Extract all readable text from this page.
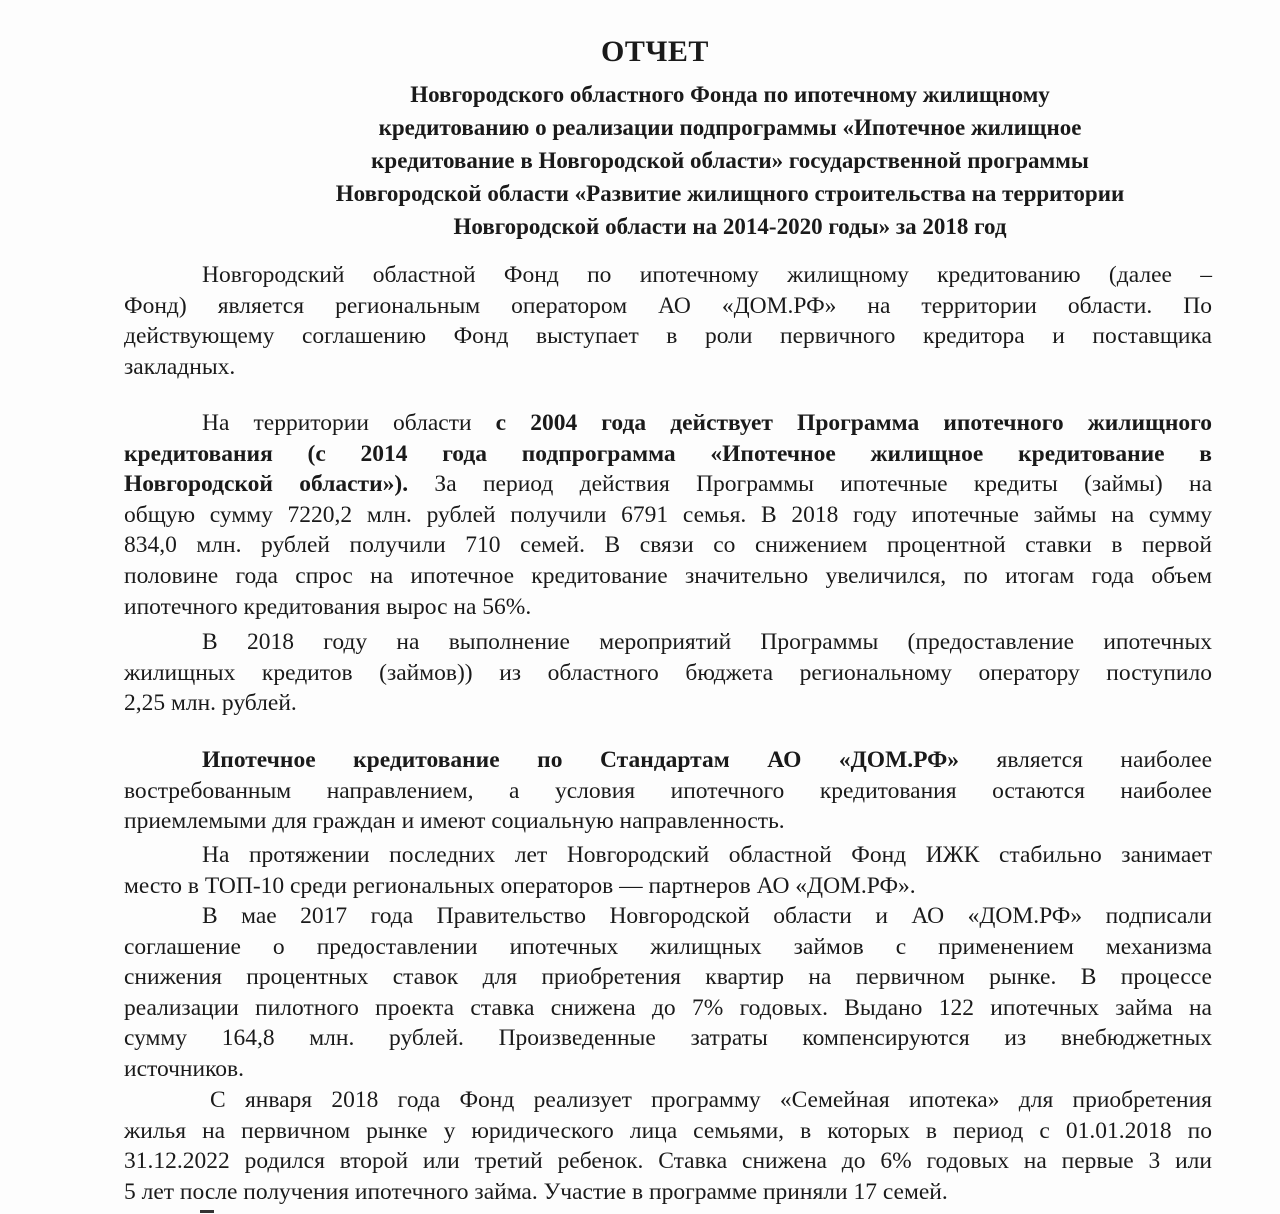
ОТЧЕТ
Новгородского областного Фонда по ипотечному жилищному
кредитованию о реализации подпрограммы «Ипотечное жилищное
кредитование в Новгородской области» государственной программы
Новгородской области «Развитие жилищного строительства на территории
Новгородской области на 2014-2020 годы» за 2018 год
Новгородский областной Фонд по ипотечному жилищному кредитованию (далее –
Фонд) является региональным оператором АО «ДОМ.РФ» на территории области. По
действующему соглашению Фонд выступает в роли первичного кредитора и поставщика
закладных.
На территории области с 2004 года действует Программа ипотечного жилищного
кредитования (с 2014 года подпрограмма «Ипотечное жилищное кредитование в
Новгородской области»). За период действия Программы ипотечные кредиты (займы) на
общую сумму 7220,2 млн. рублей получили 6791 семья. В 2018 году ипотечные займы на сумму
834,0 млн. рублей получили 710 семей. В связи со снижением процентной ставки в первой
половине года спрос на ипотечное кредитование значительно увеличился, по итогам года объем
ипотечного кредитования вырос на 56%.
В 2018 году на выполнение мероприятий Программы (предоставление ипотечных
жилищных кредитов (займов)) из областного бюджета региональному оператору поступило
2,25 млн. рублей.
Ипотечное кредитование по Стандартам АО «ДОМ.РФ» является наиболее
востребованным направлением, а условия ипотечного кредитования остаются наиболее
приемлемыми для граждан и имеют социальную направленность.
На протяжении последних лет Новгородский областной Фонд ИЖК стабильно занимает
место в ТОП-10 среди региональных операторов — партнеров АО «ДОМ.РФ».
В мае 2017 года Правительство Новгородской области и АО «ДОМ.РФ» подписали
соглашение о предоставлении ипотечных жилищных займов с применением механизма
снижения процентных ставок для приобретения квартир на первичном рынке. В процессе
реализации пилотного проекта ставка снижена до 7% годовых. Выдано 122 ипотечных займа на
сумму 164,8 млн. рублей. Произведенные затраты компенсируются из внебюджетных
источников.
С января 2018 года Фонд реализует программу «Семейная ипотека» для приобретения
жилья на первичном рынке у юридического лица семьями, в которых в период с 01.01.2018 по
31.12.2022 родился второй или третий ребенок. Ставка снижена до 6% годовых на первые 3 или
5 лет после получения ипотечного займа. Участие в программе приняли 17 семей.
